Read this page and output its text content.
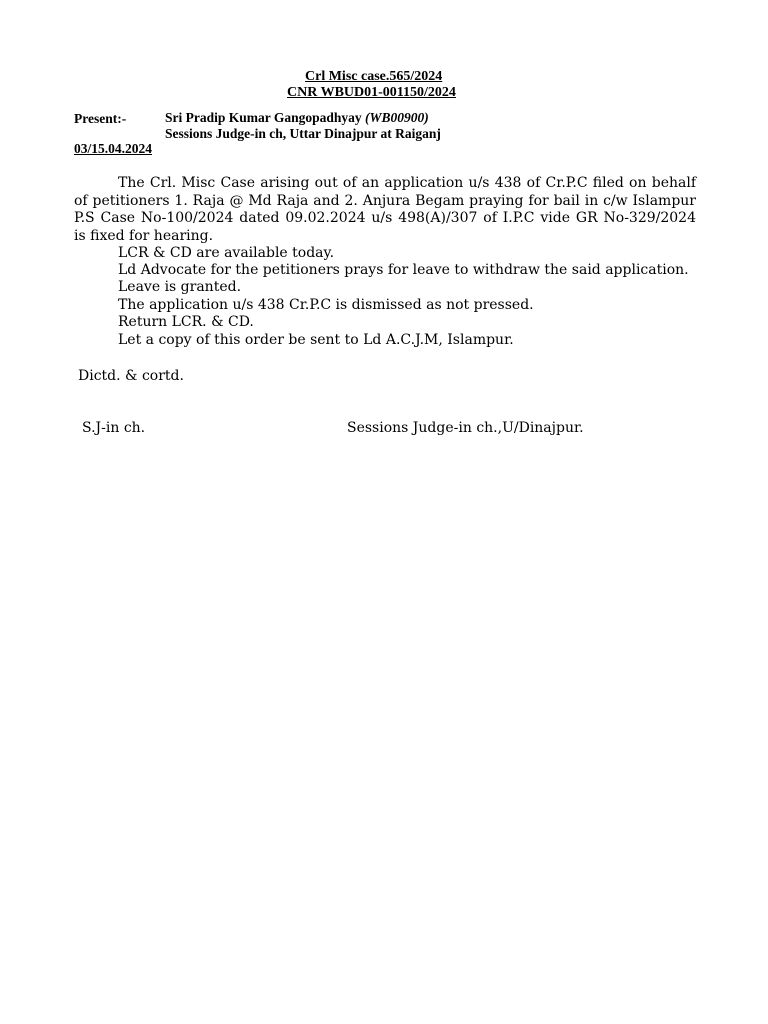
Crl Misc case.565/2024
CNR WBUD01-001150/2024
Present:-	Sri Pradip Kumar Gangopadhyay (WB00900)
Sessions Judge-in ch, Uttar Dinajpur at Raiganj
03/15.04.2024
The Crl. Misc Case arising out of an application u/s 438 of Cr.P.C filed on behalf of petitioners 1. Raja @ Md Raja and 2. Anjura Begam praying for bail in c/w Islampur P.S Case No-100/2024 dated 09.02.2024 u/s 498(A)/307 of I.P.C vide GR No-329/2024 is fixed for hearing.
LCR & CD are available today.
Ld Advocate for the petitioners prays for leave to withdraw the said application.
Leave is granted.
The application u/s 438 Cr.P.C is dismissed as not pressed.
Return LCR. & CD.
Let a copy of this order be sent to Ld A.C.J.M, Islampur.
Dictd. & cortd.
S.J-in ch.	Sessions Judge-in ch.,U/Dinajpur.
